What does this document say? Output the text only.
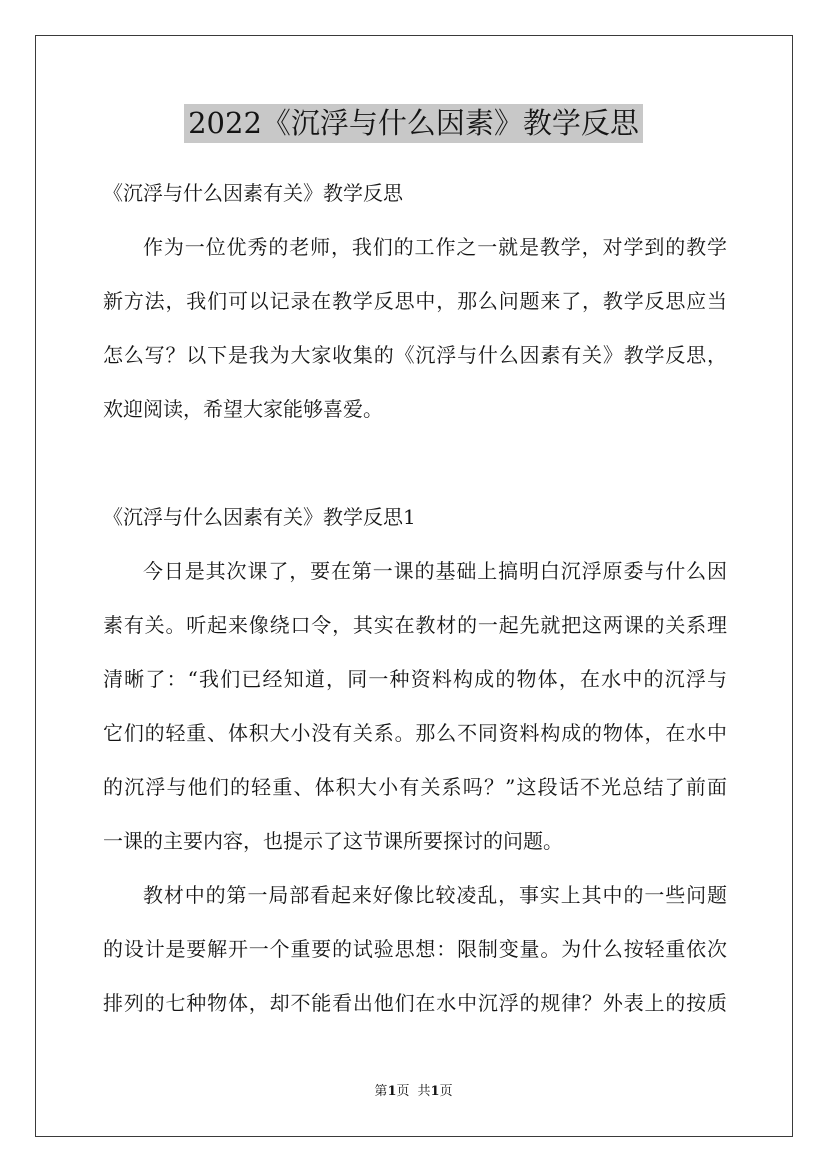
2022《沉浮与什么因素》教学反思
《沉浮与什么因素有关》教学反思
作为一位优秀的老师，我们的工作之一就是教学，对学到的教学
新方法，我们可以记录在教学反思中，那么问题来了，教学反思应当
怎么写？以下是我为大家收集的《沉浮与什么因素有关》教学反思，
欢迎阅读，希望大家能够喜爱。
《沉浮与什么因素有关》教学反思1
今日是其次课了，要在第一课的基础上搞明白沉浮原委与什么因
素有关。听起来像绕口令，其实在教材的一起先就把这两课的关系理
清晰了：“我们已经知道，同一种资料构成的物体，在水中的沉浮与
它们的轻重、体积大小没有关系。那么不同资料构成的物体，在水中
的沉浮与他们的轻重、体积大小有关系吗？”这段话不光总结了前面
一课的主要内容，也提示了这节课所要探讨的问题。
教材中的第一局部看起来好像比较凌乱，事实上其中的一些问题
的设计是要解开一个重要的试验思想：限制变量。为什么按轻重依次
排列的七种物体，却不能看出他们在水中沉浮的规律？外表上的按质
第1页 共1页
